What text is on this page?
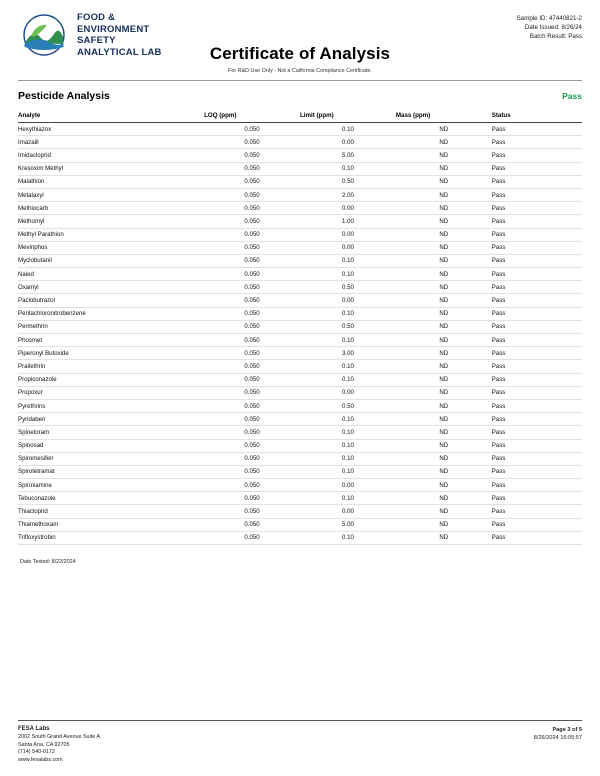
FOOD &
ENVIRONMENT
SAFETY
ANALYTICAL LAB
Sample ID: 47440821-2
Date Issued: 8/26/24
Batch Result: Pass
Certificate of Analysis
For R&D Use Only - Not a California Compliance Certificate.
Pesticide Analysis	Pass
Analyte	LOQ (ppm)	Limit (ppm)	Mass (ppm)	Status
Hexythiazox	0.050	0.10	ND	Pass
Imazalil	0.050	0.00	ND	Pass
Imidacloprid	0.050	5.00	ND	Pass
Kresoxim Methyl	0.050	0.10	ND	Pass
Malathion	0.050	0.50	ND	Pass
Metalaxyl	0.050	2.00	ND	Pass
Methiocarb	0.050	0.00	ND	Pass
Methomyl	0.050	1.00	ND	Pass
Methyl Parathion	0.050	0.00	ND	Pass
Mevinphos	0.050	0.00	ND	Pass
Myclobutanil	0.050	0.10	ND	Pass
Naled	0.050	0.10	ND	Pass
Oxamyl	0.050	0.50	ND	Pass
Paclobutrazol	0.050	0.00	ND	Pass
Pentachloronitrobenzene	0.050	0.10	ND	Pass
Permethrin	0.050	0.50	ND	Pass
Phosmet	0.050	0.10	ND	Pass
Piperonyl Butoxide	0.050	3.00	ND	Pass
Prallethrin	0.050	0.10	ND	Pass
Propiconazole	0.050	0.10	ND	Pass
Propoxur	0.050	0.00	ND	Pass
Pyrethrins	0.050	0.50	ND	Pass
Pyridaben	0.050	0.10	ND	Pass
Spinetoram	0.050	0.10	ND	Pass
Spinosad	0.050	0.10	ND	Pass
Spiromesifen	0.050	0.10	ND	Pass
Spirotetramat	0.050	0.10	ND	Pass
Spiroxamine	0.050	0.00	ND	Pass
Tebuconazole	0.050	0.10	ND	Pass
Thiacloprid	0.050	0.00	ND	Pass
Thiamethoxam	0.050	5.00	ND	Pass
Trifloxystrobin	0.050	0.10	ND	Pass
Date Tested: 8/22/2024
FESA Labs
2002 South Grand Avenue Suite A
Santa Ana, CA 92705
(714) 540-0172
www.fesalabs.com
Page 3 of 5
8/26/2024 16:05:57
